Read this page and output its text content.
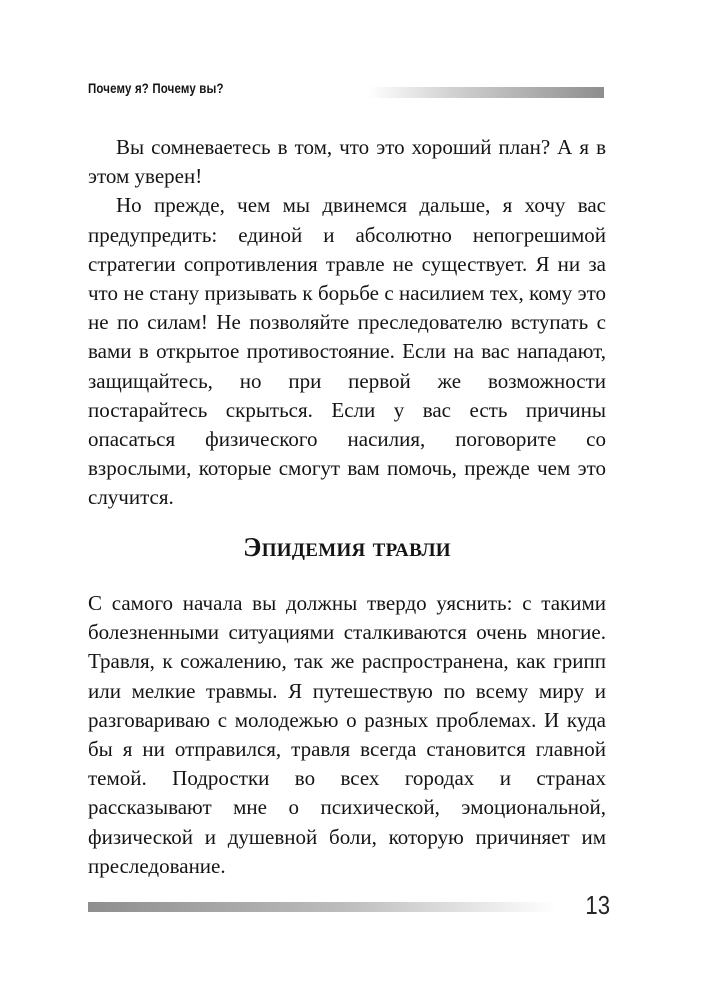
Почему я? Почему вы?

Вы сомневаетесь в том, что это хороший план? А я в этом уверен!

Но прежде, чем мы двинемся дальше, я хочу вас предупредить: единой и абсолютно непогрешимой стратегии сопротивления травле не существует. Я ни за что не стану призывать к борьбе с насилием тех, кому это не по силам! Не позволяйте преследователю вступать с вами в открытое противостояние. Если на вас нападают, защищайтесь, но при первой же возможности постарайтесь скрыться. Если у вас есть причины опасаться физического насилия, поговорите со взрослыми, которые смогут вам помочь, прежде чем это случится.

Эпидемия травли

С самого начала вы должны твердо уяснить: с такими болезненными ситуациями сталкиваются очень многие. Травля, к сожалению, так же распространена, как грипп или мелкие травмы. Я путешествую по всему миру и разговариваю с молодежью о разных проблемах. И куда бы я ни отправился, травля всегда становится главной темой. Подростки во всех городах и странах рассказывают мне о психической, эмоциональной, физической и душевной боли, которую причиняет им преследование.

13
